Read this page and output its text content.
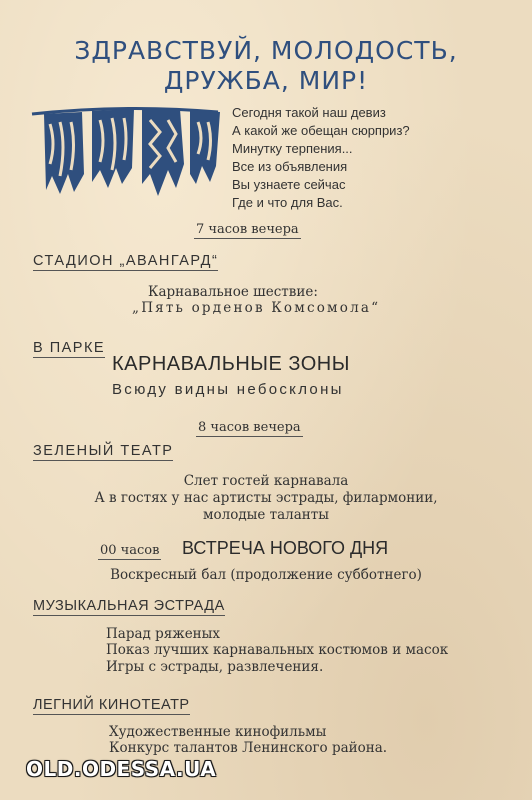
ЗДРАВСТВУЙ, МОЛОДОСТЬ,
ДРУЖБА, МИР!
Сегодня такой наш девиз
А какой же обещан сюрприз?
Минутку терпения...
Все из объявления
Вы узнаете сейчас
Где и что для Вас.
7 часов вечера
СТАДИОН „АВАНГАРД“
Карнавальное шествие:
„Пять орденов Комсомола“
В ПАРКЕ
КАРНАВАЛЬНЫЕ ЗОНЫ
Всюду видны небосклоны
8 часов вечера
ЗЕЛЕНЫЙ ТЕАТР
Слет гостей карнавала
А в гостях у нас артисты эстрады, филармонии,
молодые таланты
00 часов ВСТРЕЧА НОВОГО ДНЯ
Воскресный бал (продолжение субботнего)
МУЗЫКАЛЬНАЯ ЭСТРАДА
Парад ряженых
Показ лучших карнавальных костюмов и масок
Игры с эстрады, развлечения.
ЛЕГНИЙ КИНОТЕАТР
Художественные кинофильмы
Конкурс талантов Ленинского района.
OLD.ODESSA.UA
